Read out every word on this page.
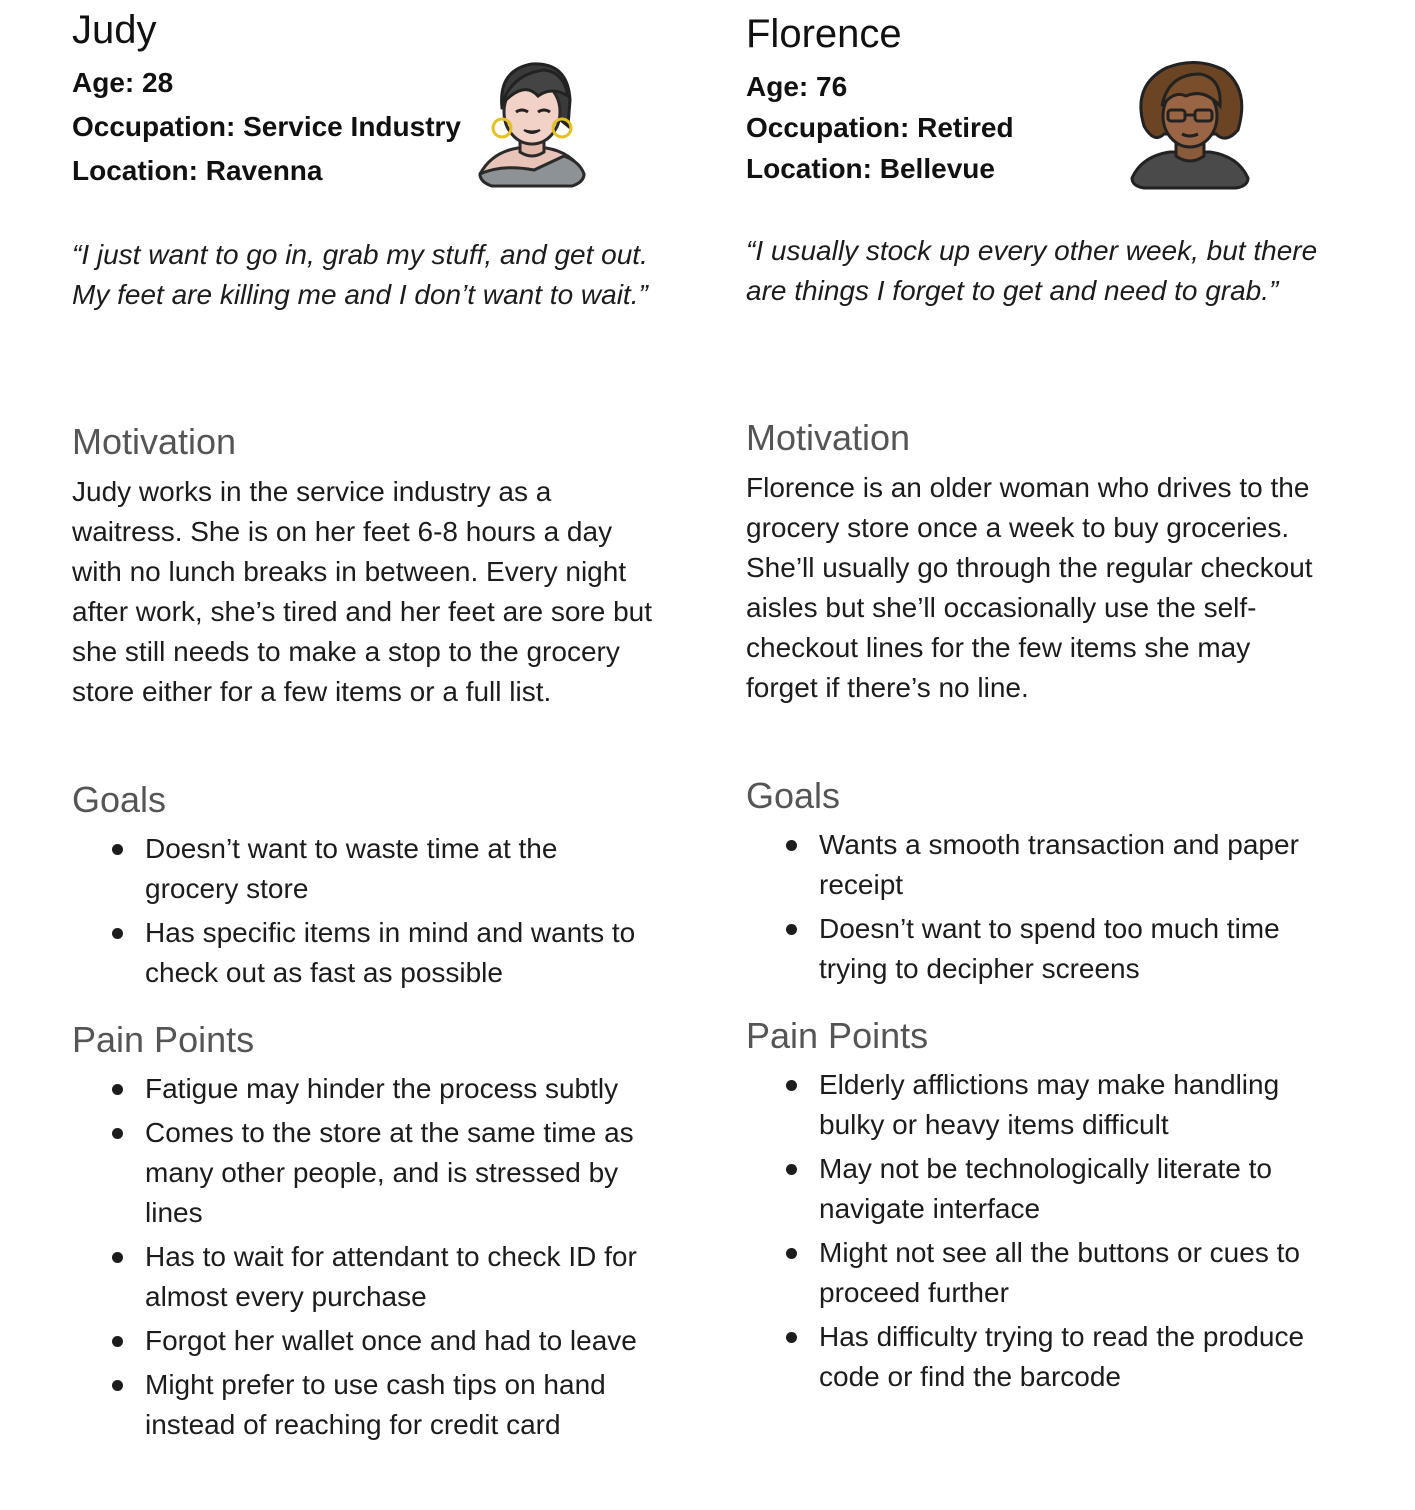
Judy
Age: 28
Occupation: Service Industry
Location: Ravenna

“I just want to go in, grab my stuff, and get out. My feet are killing me and I don’t want to wait.”

Motivation

Judy works in the service industry as a waitress. She is on her feet 6-8 hours a day with no lunch breaks in between. Every night after work, she’s tired and her feet are sore but she still needs to make a stop to the grocery store either for a few items or a full list.

Goals
Doesn’t want to waste time at the grocery store
Has specific items in mind and wants to check out as fast as possible
Pain Points
Fatigue may hinder the process subtly
Comes to the store at the same time as many other people, and is stressed by lines
Has to wait for attendant to check ID for almost every purchase
Forgot her wallet once and had to leave
Might prefer to use cash tips on hand instead of reaching for credit card
Florence
Age: 76
Occupation: Retired
Location: Bellevue

“I usually stock up every other week, but there are things I forget to get and need to grab.”

Motivation

Florence is an older woman who drives to the grocery store once a week to buy groceries. She’ll usually go through the regular checkout aisles but she’ll occasionally use the self-checkout lines for the few items she may forget if there’s no line.

Goals
Wants a smooth transaction and paper receipt
Doesn’t want to spend too much time trying to decipher screens
Pain Points
Elderly afflictions may make handling bulky or heavy items difficult
May not be technologically literate to navigate interface
Might not see all the buttons or cues to proceed further
Has difficulty trying to read the produce code or find the barcode
